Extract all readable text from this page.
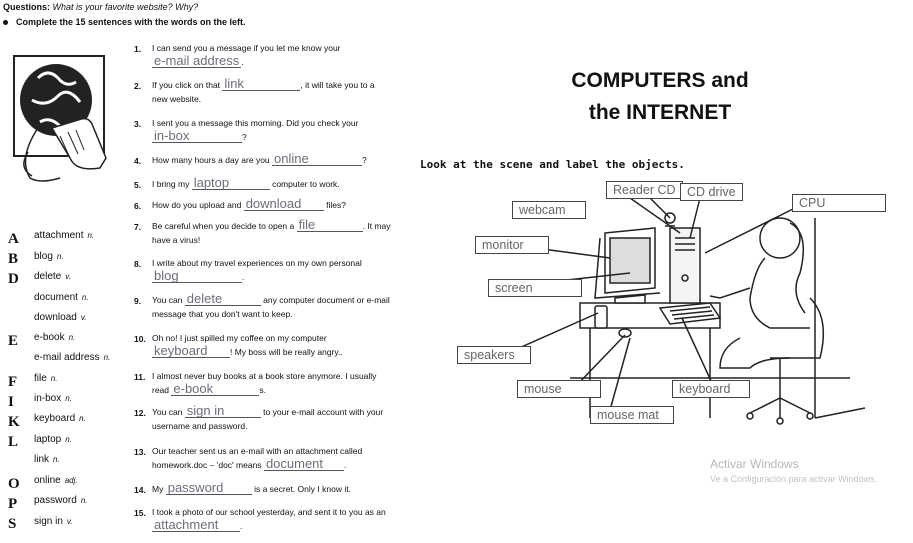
Questions: What is your favorite website? Why?
Complete the 15 sentences with the words on the left.
A attachment n.
B blog n.
D delete v.
document n.
download v.
E e-book n.
e-mail address n.
F file n.
I in-box n.
K keyboard n.
L laptop n.
link n.
O online adj.
P password n.
S sign in v.
1. I can send you a message if you let me know your e-mail address .
2. If you click on that link	, it will take you to a new website.
3. I sent you a message this morning. Did you check your in-box	?
4. How many hours a day are you online	?
5. I bring my laptop	computer to work.
6. How do you upload and download	files?
7. Be careful when you decide to open a file	. It may have a virus!
8. I write about my travel experiences on my own personal blog	.
9. You can delete	any computer document or e-mail message that you don't want to keep.
10. Oh no! I just spilled my coffee on my computer keyboard	! My boss will be really angry..
11. I almost never buy books at a book store anymore. I usually read e-book	s.
12. You can sign in	to your e-mail account with your username and password.
13. Our teacher sent us an e-mail with an attachment called homework.doc – 'doc' means document .
14. My password	is a secret. Only I know it.
15. I took a photo of our school yesterday, and sent it to you as an attachment	.
COMPUTERS and
the INTERNET
Look at the scene and label the objects.
Reader CD CD drive
webcam	CPU
monitor
screen
speakers
mouse	keyboard
mouse mat
Activar Windows
Ve a Configuración para activar Windows.
